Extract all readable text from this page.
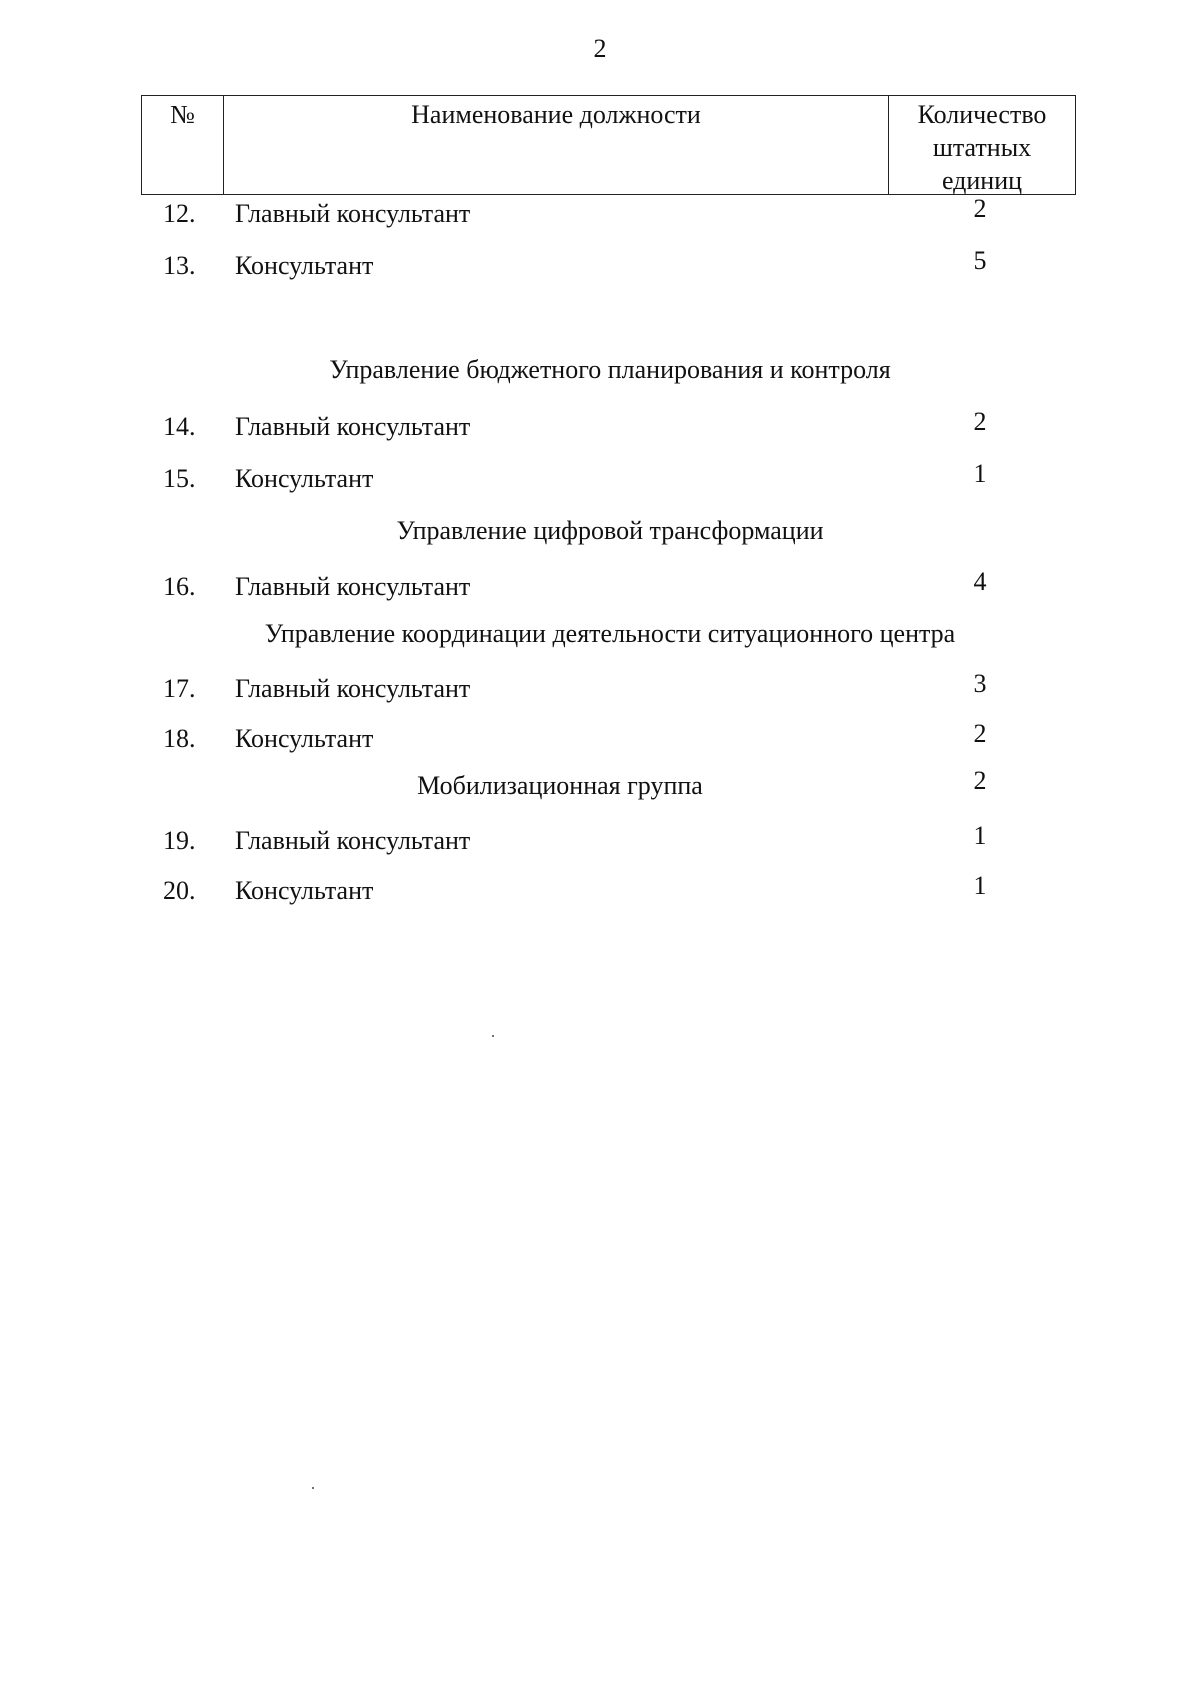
2
№	Наименование должности	Количество
штатных
единиц
12.	Главный консультант	2
13.	Консультант	5
Управление бюджетного планирования и контроля
14.	Главный консультант	2
15.	Консультант	1
Управление цифровой трансформации
16.	Главный консультант	4
Управление координации деятельности ситуационного центра
17.	Главный консультант	3
18.	Консультант	2
Мобилизационная группа	2
19.	Главный консультант	1
20.	Консультант	1
